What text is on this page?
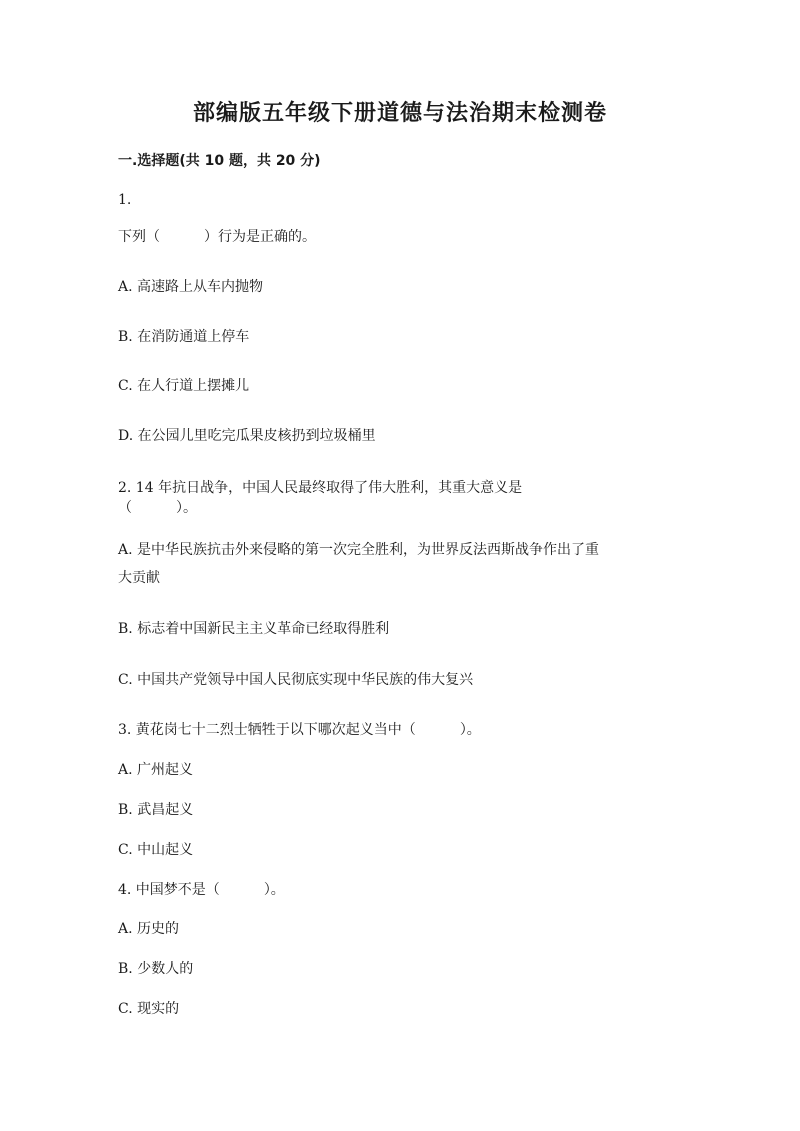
部编版五年级下册道德与法治期末检测卷
一.选择题(共 10 题，共 20 分)
1.
下列（	）行为是正确的。
A. 高速路上从车内抛物
B. 在消防通道上停车
C. 在人行道上摆摊儿
D. 在公园儿里吃完瓜果皮核扔到垃圾桶里
2. 14 年抗日战争，中国人民最终取得了伟大胜利，其重大意义是
（	）。
A. 是中华民族抗击外来侵略的第一次完全胜利，为世界反法西斯战争作出了重
大贡献
B. 标志着中国新民主主义革命已经取得胜利
C. 中国共产党领导中国人民彻底实现中华民族的伟大复兴
3. 黄花岗七十二烈士牺牲于以下哪次起义当中（	）。
A. 广州起义
B. 武昌起义
C. 中山起义
4. 中国梦不是（	）。
A. 历史的
B. 少数人的
C. 现实的
